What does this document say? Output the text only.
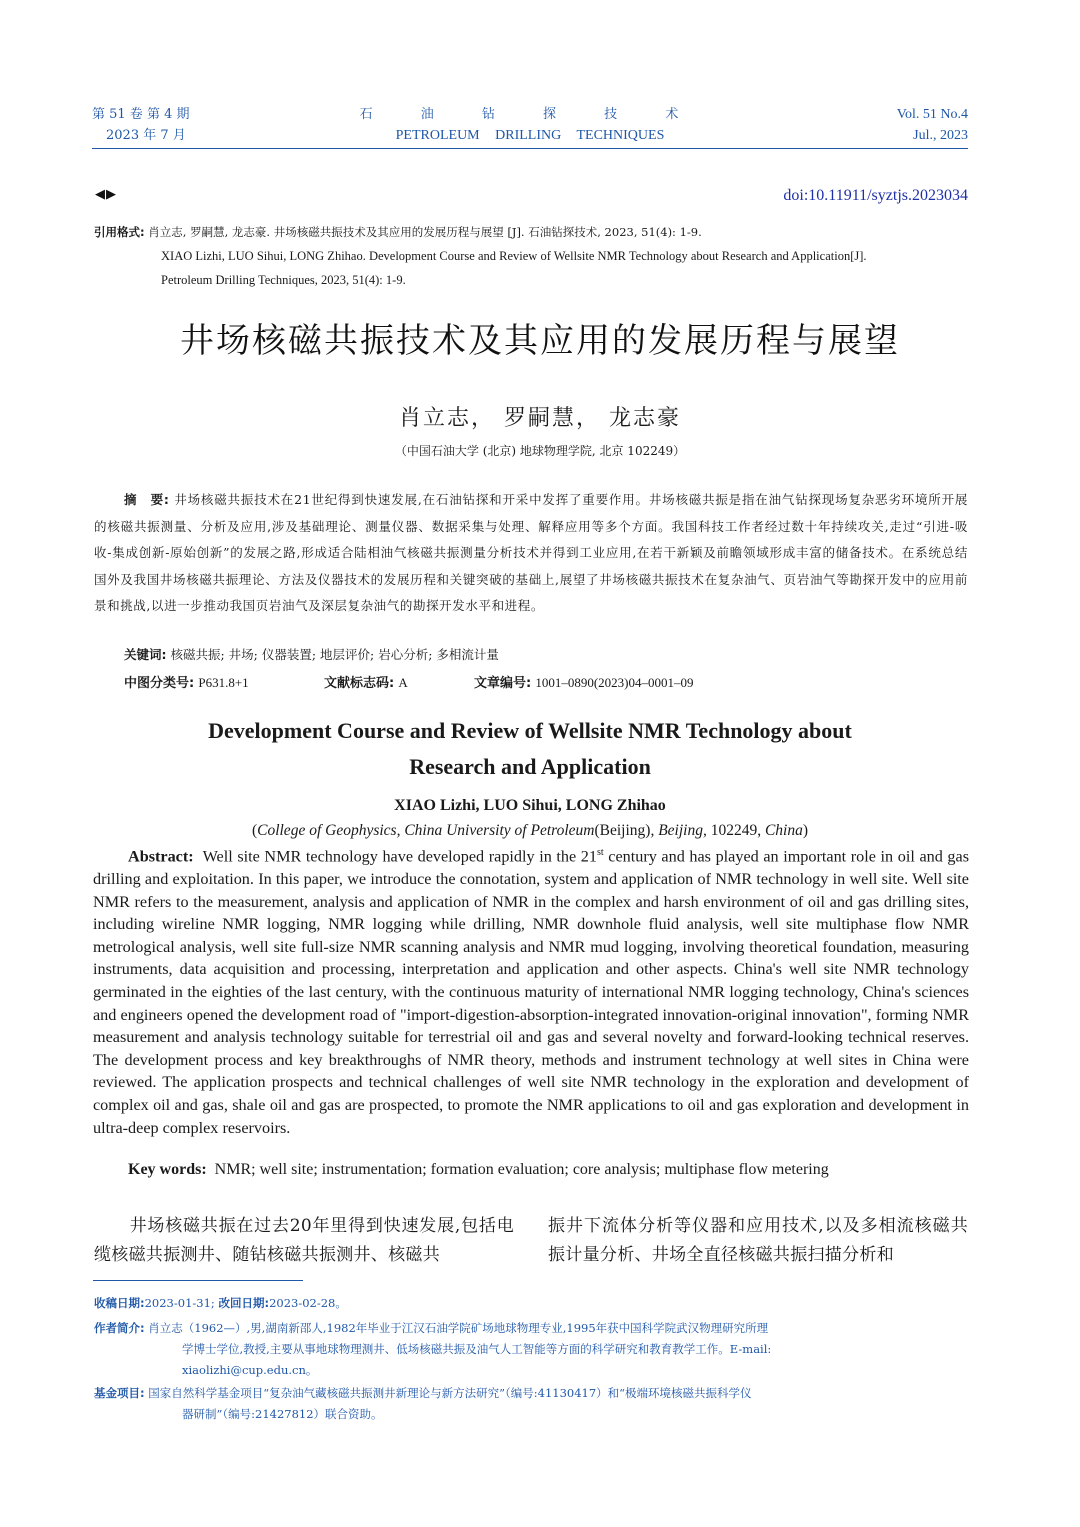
第 51 卷 第 4 期
2023 年 7 月
石 油 钻 探 技 术
PETROLEUM DRILLING TECHNIQUES
Vol. 51 No.4
Jul., 2023
◀▶	doi:10.11911/syztjs.2023034
引用格式: 肖立志, 罗嗣慧, 龙志豪. 井场核磁共振技术及其应用的发展历程与展望 [J]. 石油钻探技术, 2023, 51(4): 1-9.
XIAO Lizhi, LUO Sihui, LONG Zhihao. Development Course and Review of Wellsite NMR Technology about Research and Application[J].
Petroleum Drilling Techniques, 2023, 51(4): 1-9.
井场核磁共振技术及其应用的发展历程与展望
肖立志， 罗嗣慧， 龙志豪
（中国石油大学 (北京) 地球物理学院, 北京 102249）
摘　要: 井场核磁共振技术在21世纪得到快速发展,在石油钻探和开采中发挥了重要作用。井场核磁共振是指在油气钻探现场复杂恶劣环境所开展的核磁共振测量、分析及应用,涉及基础理论、测量仪器、数据采集与处理、解释应用等多个方面。我国科技工作者经过数十年持续攻关,走过“引进-吸收-集成创新-原始创新”的发展之路,形成适合陆相油气核磁共振测量分析技术并得到工业应用,在若干新颖及前瞻领域形成丰富的储备技术。在系统总结国外及我国井场核磁共振理论、方法及仪器技术的发展历程和关键突破的基础上,展望了井场核磁共振技术在复杂油气、页岩油气等勘探开发中的应用前景和挑战,以进一步推动我国页岩油气及深层复杂油气的勘探开发水平和进程。
关键词: 核磁共振; 井场; 仪器装置; 地层评价; 岩心分析; 多相流计量
中图分类号: P631.8+1	文献标志码: A	文章编号: 1001–0890(2023)04–0001–09
Development Course and Review of Wellsite NMR Technology about
Research and Application
XIAO Lizhi, LUO Sihui, LONG Zhihao
(College of Geophysics, China University of Petroleum(Beijing), Beijing, 102249, China)
Abstract: Well site NMR technology have developed rapidly in the 21st century and has played an important role in oil and gas drilling and exploitation. In this paper, we introduce the connotation, system and application of NMR technology in well site. Well site NMR refers to the measurement, analysis and application of NMR in the complex and harsh environment of oil and gas drilling sites, including wireline NMR logging, NMR logging while drilling, NMR downhole fluid analysis, well site multiphase flow NMR metrological analysis, well site full-size NMR scanning analysis and NMR mud logging, involving theoretical foundation, measuring instruments, data acquisition and processing, interpretation and application and other aspects. China's well site NMR technology germinated in the eighties of the last century, with the continuous maturity of international NMR logging technology, China's sciences and engineers opened the development road of "import-digestion-absorption-integrated innovation-original innovation", forming NMR measurement and analysis technology suitable for terrestrial oil and gas and several novelty and forward-looking technical reserves. The development process and key breakthroughs of NMR theory, methods and instrument technology at well sites in China were reviewed. The application prospects and technical challenges of well site NMR technology in the exploration and development of complex oil and gas, shale oil and gas are prospected, to promote the NMR applications to oil and gas exploration and development in ultra-deep complex reservoirs.
Key words: NMR; well site; instrumentation; formation evaluation; core analysis; multiphase flow metering
　　井场核磁共振在过去20年里得到快速发展,包括电缆核磁共振测井、随钻核磁共振测井、核磁共
振井下流体分析等仪器和应用技术,以及多相流核磁共振计量分析、井场全直径核磁共振扫描分析和
收稿日期:2023-01-31; 改回日期:2023-02-28。
作者简介: 肖立志（1962—）,男,湖南新邵人,1982年毕业于江汉石油学院矿场地球物理专业,1995年获中国科学院武汉物理研究所理
学博士学位,教授,主要从事地球物理测井、低场核磁共振及油气人工智能等方面的科学研究和教育教学工作。E-mail:
xiaolizhi@cup.edu.cn。
基金项目: 国家自然科学基金项目“复杂油气藏核磁共振测井新理论与新方法研究”（编号:41130417）和“极端环境核磁共振科学仪
器研制”（编号:21427812）联合资助。
